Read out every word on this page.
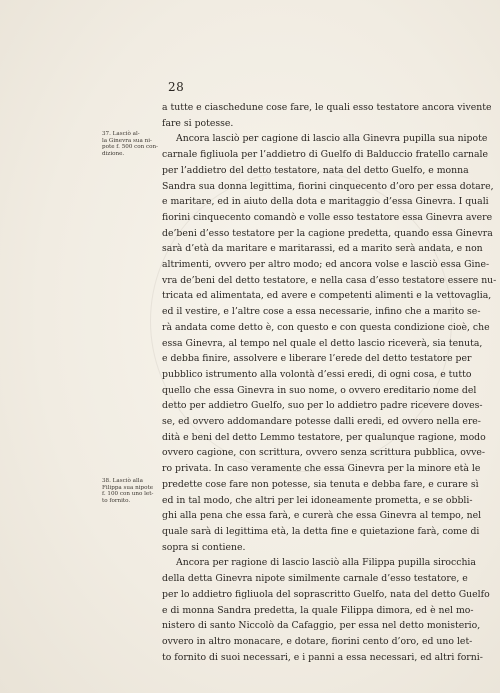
28
37. Lasciò al-
la Ginevra sua ni-
pote f. 500 con con-
dizione.
38. Lasciò alla
Filippa sua nipote
f. 100 con uno let-
to fornito.
a tutte e ciaschedune cose fare, le quali esso testatore ancora vivente
fare si potesse.
Ancora lasciò per cagione di lascio alla Ginevra pupilla sua nipote
carnale figliuola per l’addietro di Guelfo di Balduccio fratello carnale
per l’addietro del detto testatore, nata del detto Guelfo, e monna
Sandra sua donna legittima, fiorini cinquecento d’oro per essa dotare,
e maritare, ed in aiuto della dota e maritaggio d’essa Ginevra. I quali
fiorini cinquecento comandò e volle esso testatore essa Ginevra avere
de’beni d’esso testatore per la cagione predetta, quando essa Ginevra
sarà d’età da maritare e maritarassi, ed a marito serà andata, e non
altrimenti, ovvero per altro modo; ed ancora volse e lasciò essa Gine-
vra de’beni del detto testatore, e nella casa d’esso testatore essere nu-
tricata ed alimentata, ed avere e competenti alimenti e la vettovaglia,
ed il vestire, e l’altre cose a essa necessarie, infino che a marito se-
rà andata come detto è, con questo e con questa condizione cioè, che
essa Ginevra, al tempo nel quale el detto lascio riceverà, sia tenuta,
e debba finire, assolvere e liberare l’erede del detto testatore per
pubblico istrumento alla volontà d’essi eredi, di ogni cosa, e tutto
quello che essa Ginevra in suo nome, o ovvero ereditario nome del
detto per addietro Guelfo, suo per lo addietro padre ricevere doves-
se, ed ovvero addomandare potesse dalli eredi, ed ovvero nella ere-
dità e beni del detto Lemmo testatore, per qualunque ragione, modo
ovvero cagione, con scrittura, ovvero senza scrittura pubblica, ovve-
ro privata. In caso veramente che essa Ginevra per la minore età le
predette cose fare non potesse, sia tenuta e debba fare, e curare sì
ed in tal modo, che altri per lei idoneamente prometta, e se obbli-
ghi alla pena che essa farà, e curerà che essa Ginevra al tempo, nel
quale sarà di legittima età, la detta fine e quietazione farà, come di
sopra si contiene.
Ancora per ragione di lascio lasciò alla Filippa pupilla sirocchia
della detta Ginevra nipote similmente carnale d’esso testatore, e
per lo addietro figliuola del soprascritto Guelfo, nata del detto Guelfo
e di monna Sandra predetta, la quale Filippa dimora, ed è nel mo-
nistero di santo Niccolò da Cafaggio, per essa nel detto monisterio,
ovvero in altro monacare, e dotare, fiorini cento d’oro, ed uno let-
to fornito di suoi necessari, e i panni a essa necessari, ed altri forni-
